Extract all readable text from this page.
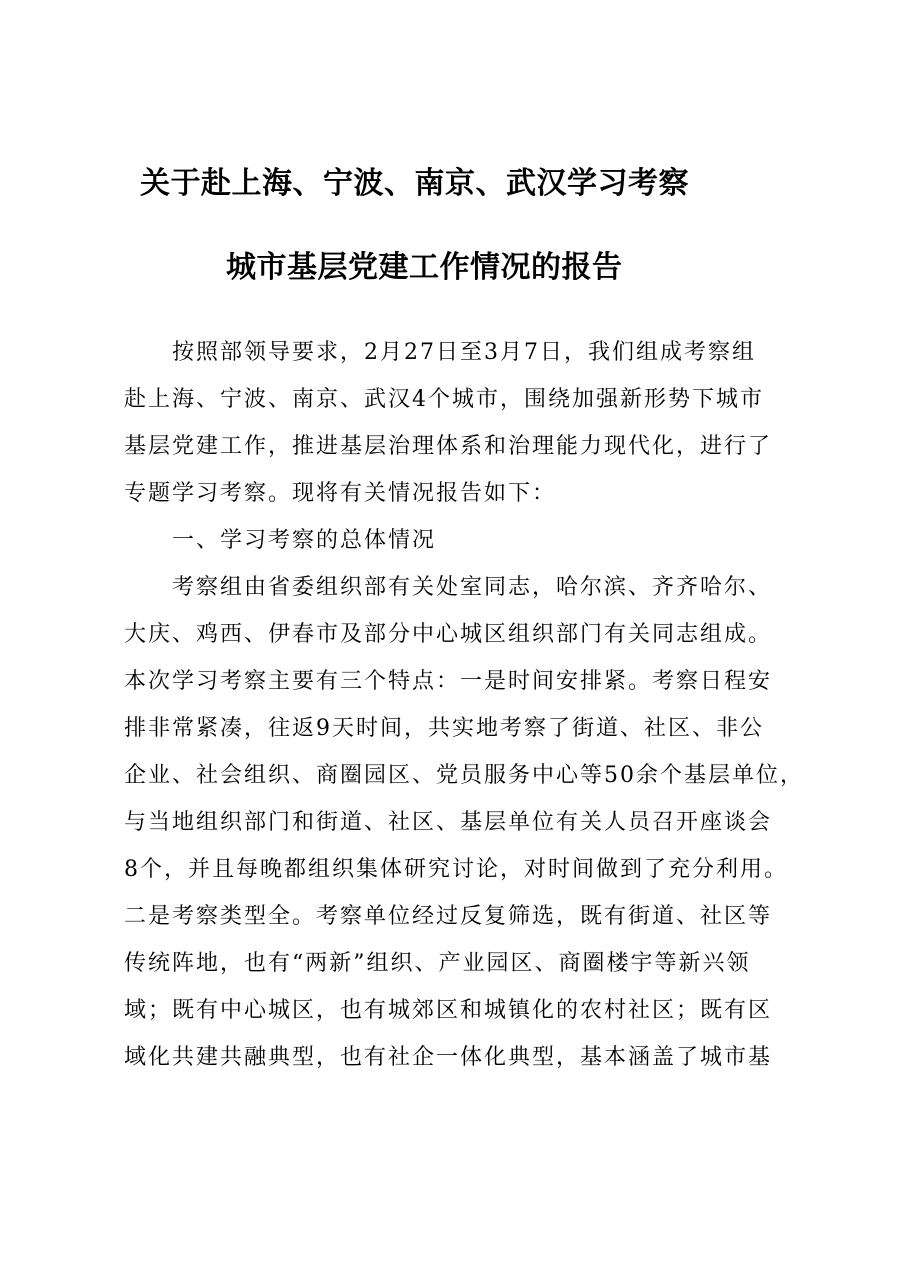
关于赴上海、宁波、南京、武汉学习考察
城市基层党建工作情况的报告

按照部领导要求，2月27日至3月7日，我们组成考察组
赴上海、宁波、南京、武汉4个城市，围绕加强新形势下城市
基层党建工作，推进基层治理体系和治理能力现代化，进行了
专题学习考察。现将有关情况报告如下：

一、学习考察的总体情况

考察组由省委组织部有关处室同志，哈尔滨、齐齐哈尔、
大庆、鸡西、伊春市及部分中心城区组织部门有关同志组成。
本次学习考察主要有三个特点：一是时间安排紧。考察日程安
排非常紧凑，往返9天时间，共实地考察了街道、社区、非公
企业、社会组织、商圈园区、党员服务中心等50余个基层单位，
与当地组织部门和街道、社区、基层单位有关人员召开座谈会
8个，并且每晚都组织集体研究讨论，对时间做到了充分利用。
二是考察类型全。考察单位经过反复筛选，既有街道、社区等
传统阵地，也有“两新”组织、产业园区、商圈楼宇等新兴领
域；既有中心城区，也有城郊区和城镇化的农村社区；既有区
域化共建共融典型，也有社企一体化典型，基本涵盖了城市基
